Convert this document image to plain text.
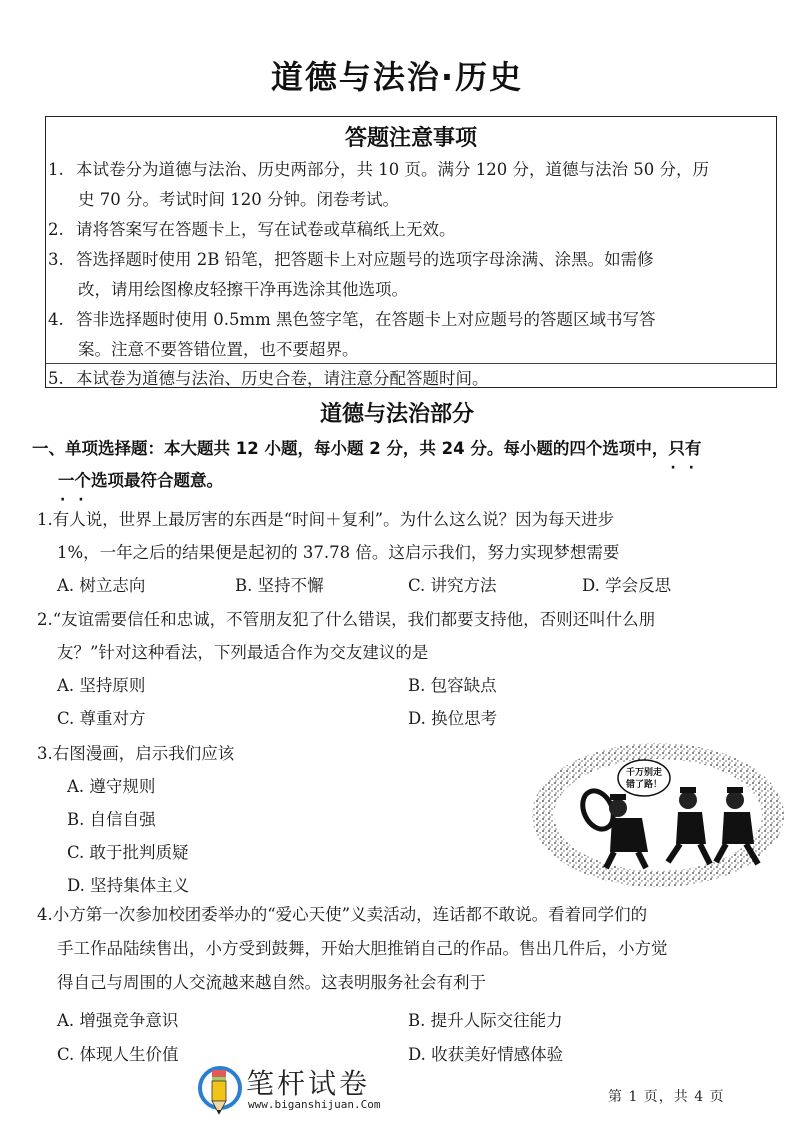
道德与法治·历史
答题注意事项
1. 本试卷分为道德与法治、历史两部分，共 10 页。满分 120 分，道德与法治 50 分，历
史 70 分。考试时间 120 分钟。闭卷考试。
2. 请将答案写在答题卡上，写在试卷或草稿纸上无效。
3. 答选择题时使用 2B 铅笔，把答题卡上对应题号的选项字母涂满、涂黑。如需修
改，请用绘图橡皮轻擦干净再选涂其他选项。
4. 答非选择题时使用 0.5mm 黑色签字笔，在答题卡上对应题号的答题区域书写答
案。注意不要答错位置，也不要超界。
5. 本试卷为道德与法治、历史合卷，请注意分配答题时间。
道德与法治部分
一、单项选择题：本大题共 12 小题，每小题 2 分，共 24 分。每小题的四个选项中，只有 · ·
一个选项 · ·最符合题意。
1.有人说，世界上最厉害的东西是“时间＋复利”。为什么这么说？因为每天进步
1%，一年之后的结果便是起初的 37.78 倍。这启示我们，努力实现梦想需要
A. 树立志向	B. 坚持不懈	C. 讲究方法	D. 学会反思
2.“友谊需要信任和忠诚，不管朋友犯了什么错误，我们都要支持他，否则还叫什么朋
友？”针对这种看法，下列最适合作为交友建议的是
A. 坚持原则	B. 包容缺点
C. 尊重对方	D. 换位思考
3.右图漫画，启示我们应该
A. 遵守规则
B. 自信自强
C. 敢于批判质疑
D. 坚持集体主义
千万别走
错了路！
4.小方第一次参加校团委举办的“爱心天使”义卖活动，连话都不敢说。看着同学们的
手工作品陆续售出，小方受到鼓舞，开始大胆推销自己的作品。售出几件后，小方觉
得自己与周围的人交流越来越自然。这表明服务社会有利于
A. 增强竞争意识	B. 提升人际交往能力
C. 体现人生价值	D. 收获美好情感体验
笔杆试卷
www.biganshijuan.Com	第 1 页，共 4 页
